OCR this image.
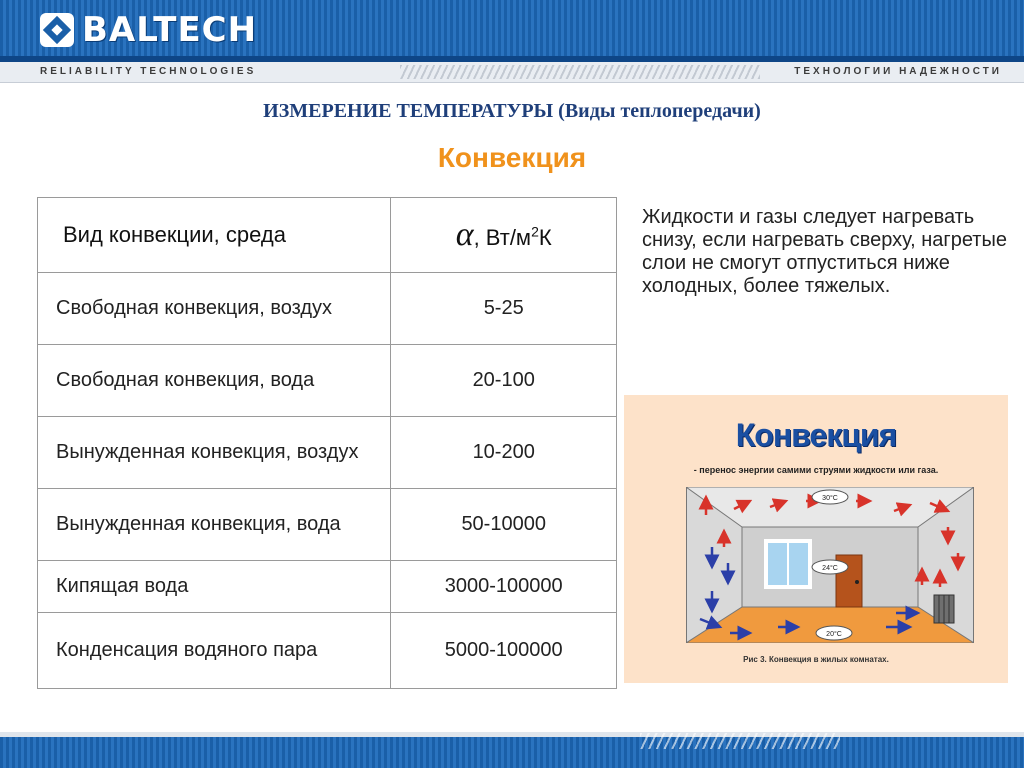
BALTECH
RELIABILITY TECHNOLOGIES	ТЕХНОЛОГИИ НАДЕЖНОСТИ
ИЗМЕРЕНИЕ ТЕМПЕРАТУРЫ (Виды теплопередачи)
Конвекция
Вид конвекции, среда	α, $Вт/м^2К$
Свободная конвекция, воздух	5-25
Свободная конвекция, вода	20-100
Вынужденная конвекция, воздух	10-200
Вынужденная конвекция, вода	50-10000
Кипящая вода	3000-100000
Конденсация водяного пара	5000-100000
Жидкости и газы следует нагревать снизу, если нагревать сверху, нагретые слои не смогут отпуститься ниже холодных, более тяжелых.
Конвекция
- перенос энергии самими струями жидкости или газа.
30°C
24°C
20°C
Рис 3. Конвекция в жилых комнатах.
